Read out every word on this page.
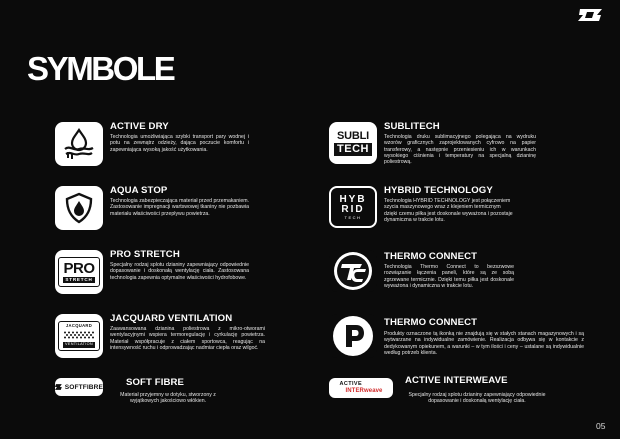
SYMBOLE
ACTIVE DRY

Technologia umożliwiająca szybki transport pary wodnej i potu na zewnątrz odzieży, dająca poczucie komfortu i zapewniająca wysoką jakość użytkowania.

AQUA STOP

Technologia zabezpieczająca materiał przed przemakaniem. Zastosowanie impregnacji wartswowej tkaniny nie pozbawia materiału właściwości przepływu powietrza.

PRO
STRETCH
PRO STRETCH

Specjalny rodzaj splotu dzianiny zapewniający odpowiednie dopasowanie i doskonałą wentylację ciała. Zastosowana technologia zapewnia optymalne właściwości hydrofobowe.

JACQUARD
VENTILATION
JACQUARD VENTILATION

Zaawansowana dzianina poliestrowa z mikro-otworami wentylacyjnymi wspiera termoregulację i cyrkulację powietrza. Materiał współpracuje z ciałem sportowca, reagując na intensywność ruchu i odprowadzając nadmiar ciepła oraz wilgoć.

SOFTFIBRE SOFT FIBRE

Materiał przyjemny w dotyku, stworzony z wyjątkowych jakościowo włókien.

SUBLI
TECH
SUBLITECH

Technologia druku sublimacyjnego polegająca na wydruku wzorów graficznych zaprojektowanych cyfrowo na papier transferowy, a następnie przeniesieniu ich w warunkach wysokiego ciśnienia i temperatury na specjalną dzianinę poliestrową.

HYB
RID
TECH
HYBRID TECHNOLOGY

Technologia HYBRID TECHNOLOGY jest połączeniem szycia maszynowego wraz z klejeniem termicznym dzięki czemu piłka jest doskonale wyważona i pozostaje dynamiczna w trakcie lotu.

THERMO CONNECT

Technologia Thermo Connect to bezszwowe rozwiązanie łączenia paneli, które są ze sobą zgrzewane termicznie. Dzięki temu piłka jest doskonale wyważona i dynamiczna w trakcie lotu.

THERMO CONNECT

Produkty oznaczone tą ikonką nie znajdują się w stałych stanach magazynowych i są wytwarzane na indywidualne zamówienie. Realizacja odbywa się w kontakcie z dedykowanym opiekunem, a warunki – w tym ilości i ceny – ustalane są indywidualnie według potrzeb klienta.

ACTIVE
INTERweave
ACTIVE INTERWEAVE

Specjalny rodzaj splotu dzianiny zapewniający odpowiednie dopasowanie i doskonałą wentylację ciała.

05
